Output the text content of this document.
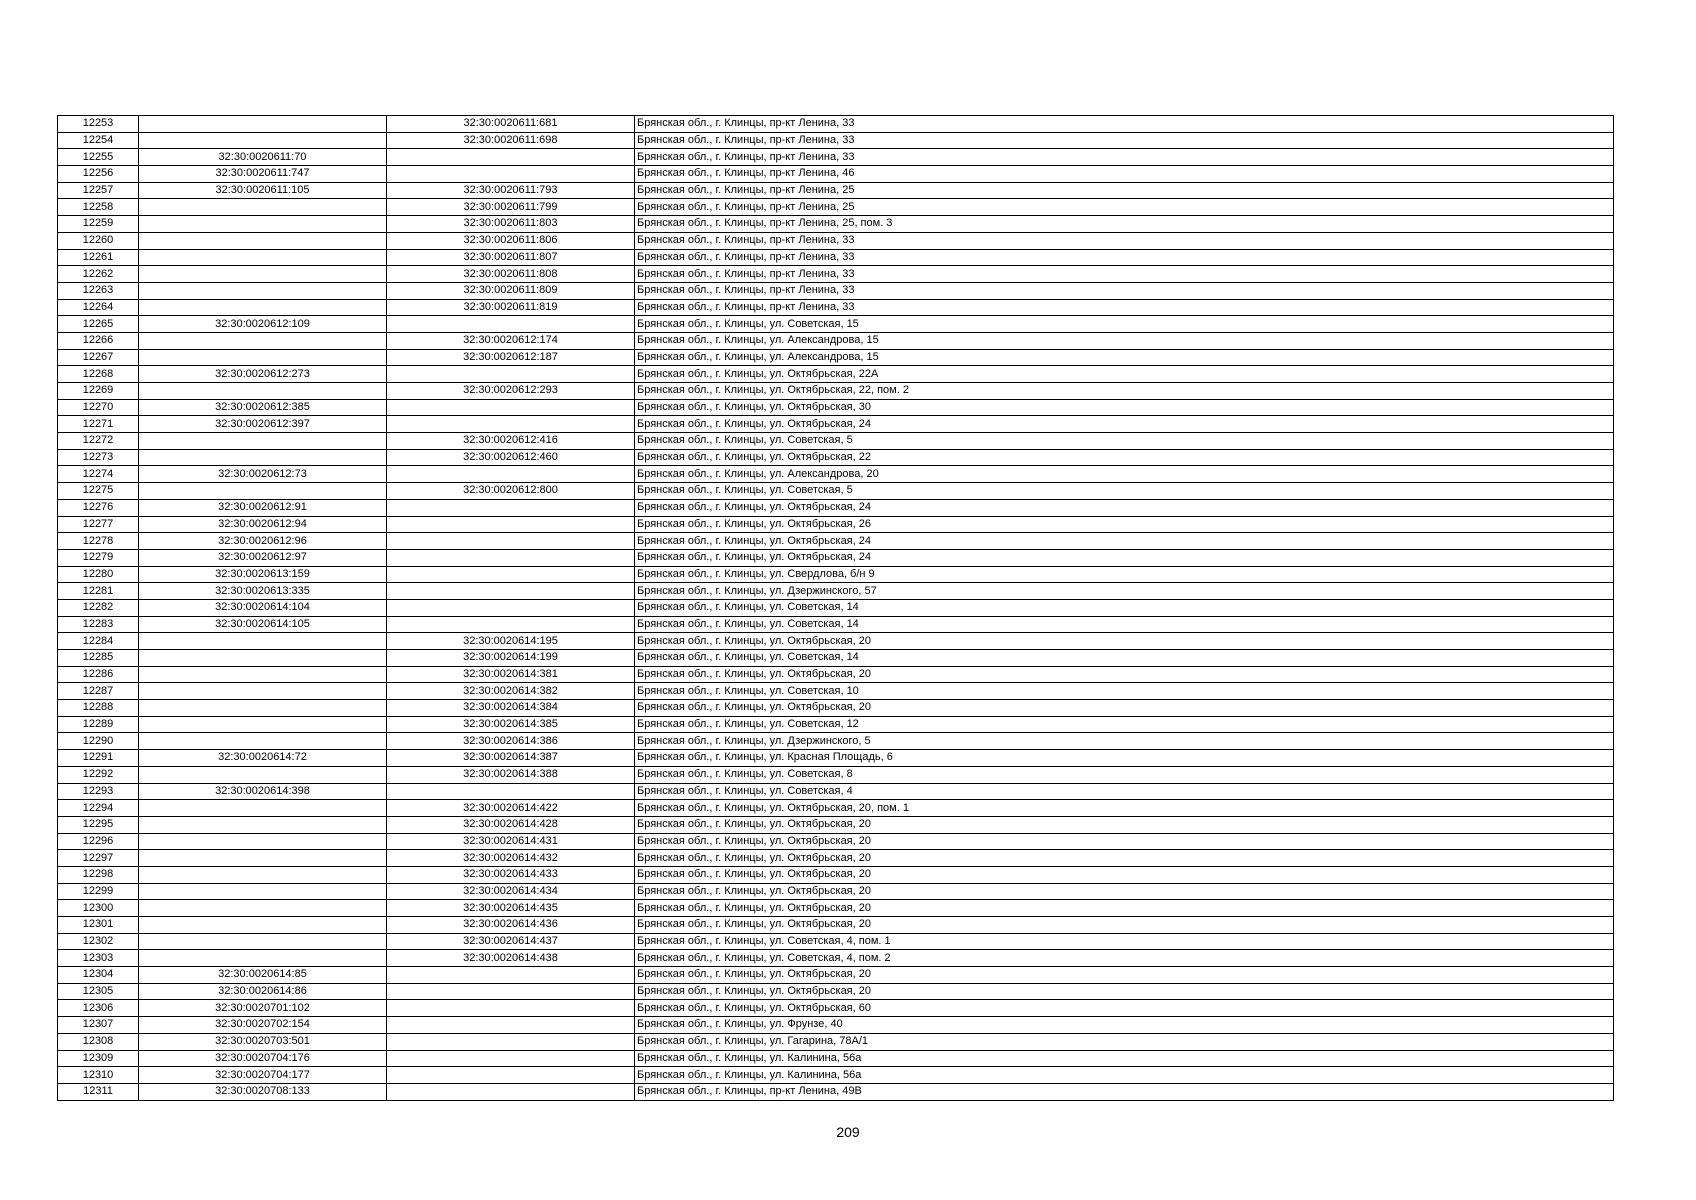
12253		32:30:0020611:681	Брянская обл., г. Клинцы, пр-кт Ленина, 33
12254		32:30:0020611:698	Брянская обл., г. Клинцы, пр-кт Ленина, 33
12255	32:30:0020611:70		Брянская обл., г. Клинцы, пр-кт Ленина, 33
12256	32:30:0020611:747		Брянская обл., г. Клинцы, пр-кт Ленина, 46
12257	32:30:0020611:105	32:30:0020611:793	Брянская обл., г. Клинцы, пр-кт Ленина, 25
12258		32:30:0020611:799	Брянская обл., г. Клинцы, пр-кт Ленина, 25
12259		32:30:0020611:803	Брянская обл., г. Клинцы, пр-кт Ленина, 25, пом. 3
12260		32:30:0020611:806	Брянская обл., г. Клинцы, пр-кт Ленина, 33
12261		32:30:0020611:807	Брянская обл., г. Клинцы, пр-кт Ленина, 33
12262		32:30:0020611:808	Брянская обл., г. Клинцы, пр-кт Ленина, 33
12263		32:30:0020611:809	Брянская обл., г. Клинцы, пр-кт Ленина, 33
12264		32:30:0020611:819	Брянская обл., г. Клинцы, пр-кт Ленина, 33
12265	32:30:0020612:109		Брянская обл., г. Клинцы, ул. Советская, 15
12266		32:30:0020612:174	Брянская обл., г. Клинцы, ул. Александрова, 15
12267		32:30:0020612:187	Брянская обл., г. Клинцы, ул. Александрова, 15
12268	32:30:0020612:273		Брянская обл., г. Клинцы, ул. Октябрьская, 22А
12269		32:30:0020612:293	Брянская обл., г. Клинцы, ул. Октябрьская, 22, пом. 2
12270	32:30:0020612:385		Брянская обл., г. Клинцы, ул. Октябрьская, 30
12271	32:30:0020612:397		Брянская обл., г. Клинцы, ул. Октябрьская, 24
12272		32:30:0020612:416	Брянская обл., г. Клинцы, ул. Советская, 5
12273		32:30:0020612:460	Брянская обл., г. Клинцы, ул. Октябрьская, 22
12274	32:30:0020612:73		Брянская обл., г. Клинцы, ул. Александрова, 20
12275		32:30:0020612:800	Брянская обл., г. Клинцы, ул. Советская, 5
12276	32:30:0020612:91		Брянская обл., г. Клинцы, ул. Октябрьская, 24
12277	32:30:0020612:94		Брянская обл., г. Клинцы, ул. Октябрьская, 26
12278	32:30:0020612:96		Брянская обл., г. Клинцы, ул. Октябрьская, 24
12279	32:30:0020612:97		Брянская обл., г. Клинцы, ул. Октябрьская, 24
12280	32:30:0020613:159		Брянская обл., г. Клинцы, ул. Свердлова, б/н 9
12281	32:30:0020613:335		Брянская обл., г. Клинцы, ул. Дзержинского, 57
12282	32:30:0020614:104		Брянская обл., г. Клинцы, ул. Советская, 14
12283	32:30:0020614:105		Брянская обл., г. Клинцы, ул. Советская, 14
12284		32:30:0020614:195	Брянская обл., г. Клинцы, ул. Октябрьская, 20
12285		32:30:0020614:199	Брянская обл., г. Клинцы, ул. Советская, 14
12286		32:30:0020614:381	Брянская обл., г. Клинцы, ул. Октябрьская, 20
12287		32:30:0020614:382	Брянская обл., г. Клинцы, ул. Советская, 10
12288		32:30:0020614:384	Брянская обл., г. Клинцы, ул. Октябрьская, 20
12289		32:30:0020614:385	Брянская обл., г. Клинцы, ул. Советская, 12
12290		32:30:0020614:386	Брянская обл., г. Клинцы, ул. Дзержинского, 5
12291	32:30:0020614:72	32:30:0020614:387	Брянская обл., г. Клинцы, ул. Красная Площадь, 6
12292		32:30:0020614:388	Брянская обл., г. Клинцы, ул. Советская, 8
12293	32:30:0020614:398		Брянская обл., г. Клинцы, ул. Советская, 4
12294		32:30:0020614:422	Брянская обл., г. Клинцы, ул. Октябрьская, 20, пом. 1
12295		32:30:0020614:428	Брянская обл., г. Клинцы, ул. Октябрьская, 20
12296		32:30:0020614:431	Брянская обл., г. Клинцы, ул. Октябрьская, 20
12297		32:30:0020614:432	Брянская обл., г. Клинцы, ул. Октябрьская, 20
12298		32:30:0020614:433	Брянская обл., г. Клинцы, ул. Октябрьская, 20
12299		32:30:0020614:434	Брянская обл., г. Клинцы, ул. Октябрьская, 20
12300		32:30:0020614:435	Брянская обл., г. Клинцы, ул. Октябрьская, 20
12301		32:30:0020614:436	Брянская обл., г. Клинцы, ул. Октябрьская, 20
12302		32:30:0020614:437	Брянская обл., г. Клинцы, ул. Советская, 4, пом. 1
12303		32:30:0020614:438	Брянская обл., г. Клинцы, ул. Советская, 4, пом. 2
12304	32:30:0020614:85		Брянская обл., г. Клинцы, ул. Октябрьская, 20
12305	32:30:0020614:86		Брянская обл., г. Клинцы, ул. Октябрьская, 20
12306	32:30:0020701:102		Брянская обл., г. Клинцы, ул. Октябрьская, 60
12307	32:30:0020702:154		Брянская обл., г. Клинцы, ул. Фрунзе, 40
12308	32:30:0020703:501		Брянская обл., г. Клинцы, ул. Гагарина, 78А/1
12309	32:30:0020704:176		Брянская обл., г. Клинцы, ул. Калинина, 56а
12310	32:30:0020704:177		Брянская обл., г. Клинцы, ул. Калинина, 56а
12311	32:30:0020708:133		Брянская обл., г. Клинцы, пр-кт Ленина, 49В
209
